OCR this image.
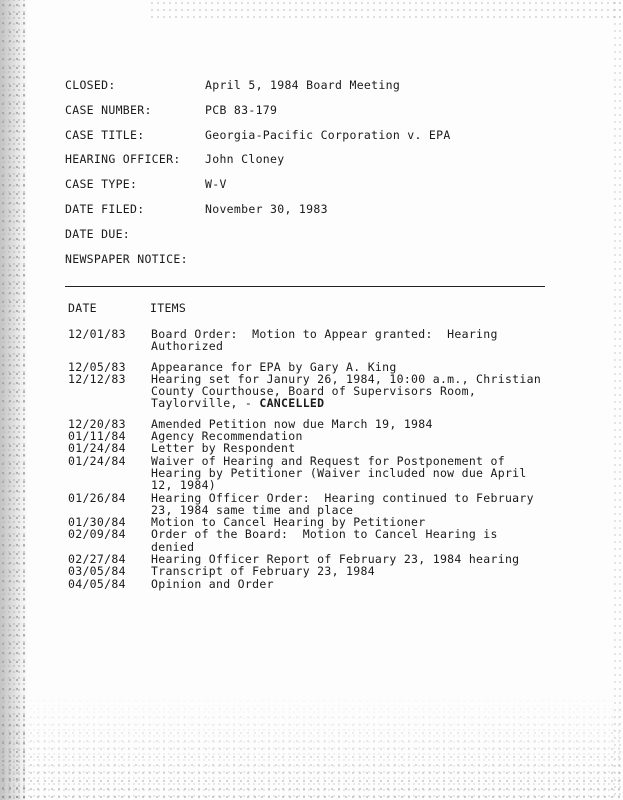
CLOSED:	April 5, 1984 Board Meeting
CASE NUMBER:	PCB 83-179
CASE TITLE:	Georgia-Pacific Corporation v. EPA
HEARING OFFICER: John Cloney
CASE TYPE:	W-V
DATE FILED:	November 30, 1983
DATE DUE:
NEWSPAPER NOTICE:
DATE	ITEMS
12/01/83 Board Order:  Motion to Appear granted:  Hearing
Authorized
12/05/83 Appearance for EPA by Gary A. King
12/12/83 Hearing set for Janury 26, 1984, 10:00 a.m., Christian
County Courthouse, Board of Supervisors Room,
Taylorville, - CANCELLED
12/20/83 Amended Petition now due March 19, 1984
01/11/84 Agency Recommendation
01/24/84 Letter by Respondent
01/24/84 Waiver of Hearing and Request for Postponement of
Hearing by Petitioner (Waiver included now due April
12, 1984)
01/26/84 Hearing Officer Order:  Hearing continued to February
23, 1984 same time and place
01/30/84 Motion to Cancel Hearing by Petitioner
02/09/84 Order of the Board:  Motion to Cancel Hearing is
denied
02/27/84 Hearing Officer Report of February 23, 1984 hearing
03/05/84 Transcript of February 23, 1984
04/05/84 Opinion and Order
